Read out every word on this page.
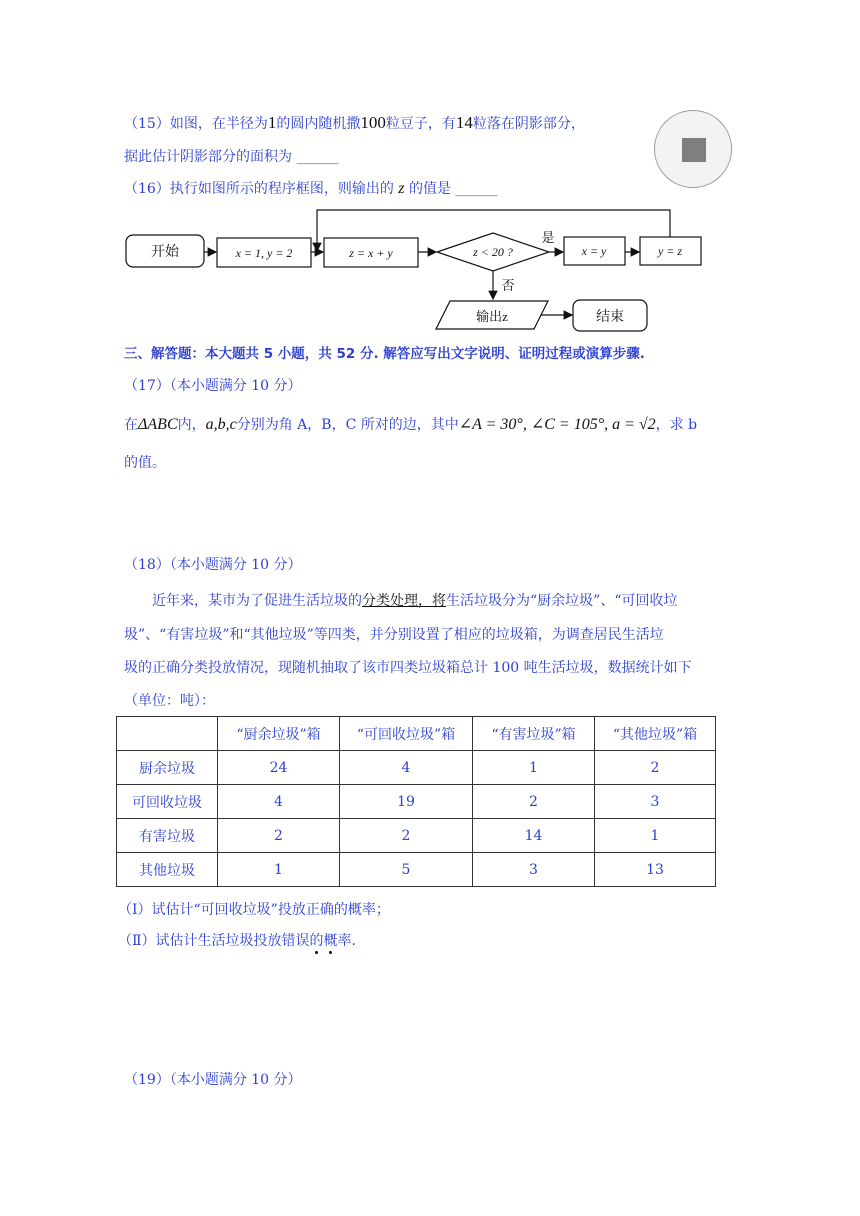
（15）如图，在半径为1的圆内随机撒100粒豆子，有14粒落在阴影部分，
据此估计阴影部分的面积为 ______
（16）执行如图所示的程序框图，则输出的 z 的值是 ______
开始	x = 1, y = 2	z = x + y	z < 20 ?
是
x = y	y = z
否
输出z	结束
三、解答题：本大题共 5 小题，共 52 分. 解答应写出文字说明、证明过程或演算步骤.
（17）（本小题满分 10 分）
在ΔABC内，a,b,c分别为角 A，B，C 所对的边，其中∠A = 30°, ∠C = 105°, a = √2，求 b
的值。
（18）（本小题满分 10 分）
近年来，某市为了促进生活垃圾的分类处理，将生活垃圾分为“厨余垃圾”、“可回收垃
圾”、“有害垃圾”和“其他垃圾”等四类，并分别设置了相应的垃圾箱，为调查居民生活垃
圾的正确分类投放情况，现随机抽取了该市四类垃圾箱总计 100 吨生活垃圾，数据统计如下
（单位：吨）：
	“厨余垃圾”箱	“可回收垃圾”箱	“有害垃圾”箱	“其他垃圾”箱
厨余垃圾	24	4	1	2
可回收垃圾	4	19	2	3
有害垃圾	2	2	14	1
其他垃圾	1	5	3	13
（Ⅰ）试估计“可回收垃圾”投放正确的概率；
（Ⅱ）试估计生活垃圾投放错误的概率.
（19）（本小题满分 10 分）
